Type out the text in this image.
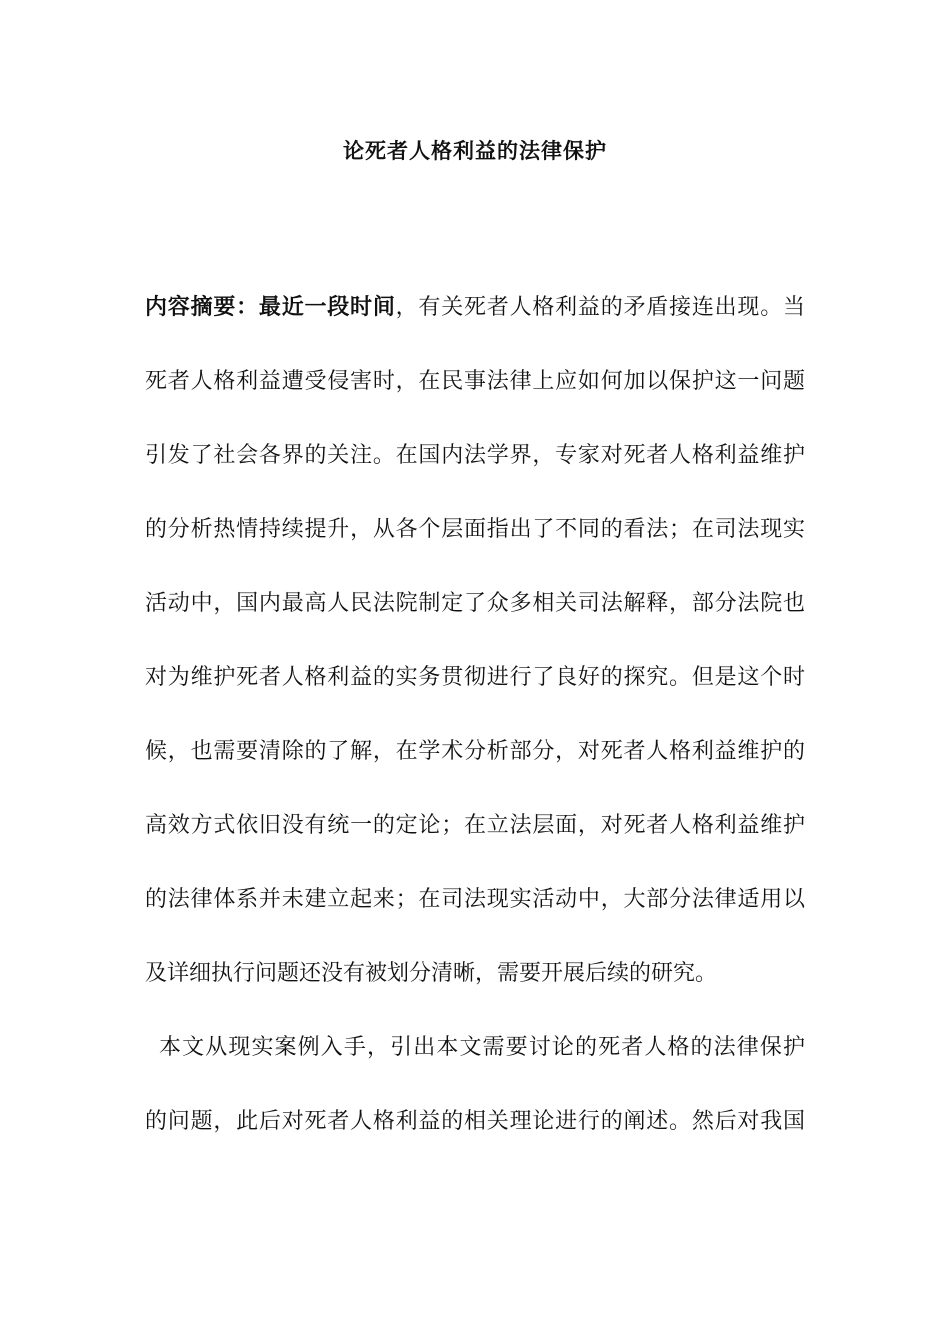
论死者人格利益的法律保护
内容摘要：最近一段时间，有关死者人格利益的矛盾接连出现。当
死者人格利益遭受侵害时，在民事法律上应如何加以保护这一问题
引发了社会各界的关注。在国内法学界，专家对死者人格利益维护
的分析热情持续提升，从各个层面指出了不同的看法；在司法现实
活动中，国内最高人民法院制定了众多相关司法解释，部分法院也
对为维护死者人格利益的实务贯彻进行了良好的探究。但是这个时
候，也需要清除的了解，在学术分析部分，对死者人格利益维护的
高效方式依旧没有统一的定论；在立法层面，对死者人格利益维护
的法律体系并未建立起来；在司法现实活动中，大部分法律适用以
及详细执行问题还没有被划分清晰，需要开展后续的研究。
本文从现实案例入手，引出本文需要讨论的死者人格的法律保护
的问题，此后对死者人格利益的相关理论进行的阐述。然后对我国
